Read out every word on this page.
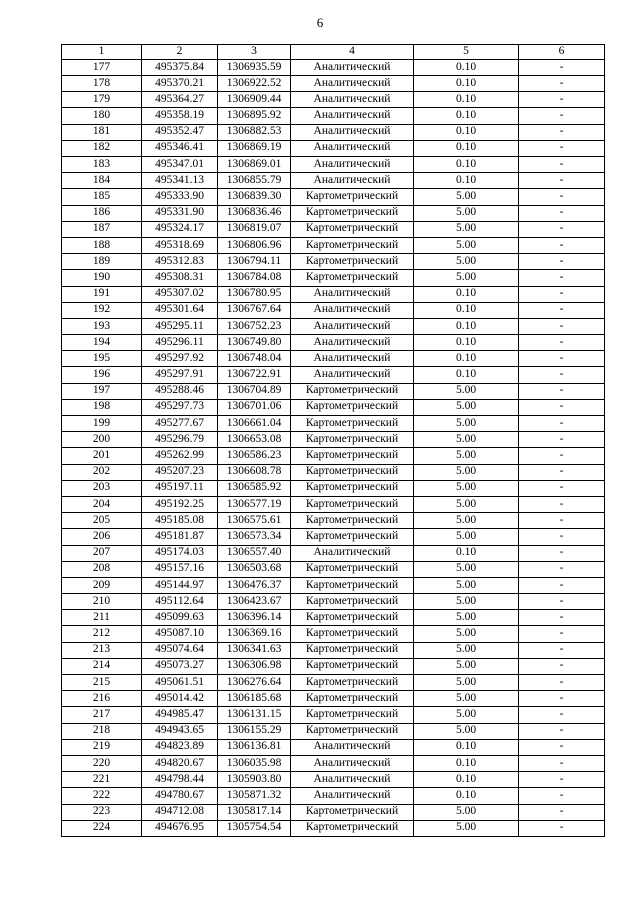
6
1	2	3	4	5	6
177	495375.84	1306935.59	Аналитический	0.10	-
178	495370.21	1306922.52	Аналитический	0.10	-
179	495364.27	1306909.44	Аналитический	0.10	-
180	495358.19	1306895.92	Аналитический	0.10	-
181	495352.47	1306882.53	Аналитический	0.10	-
182	495346.41	1306869.19	Аналитический	0.10	-
183	495347.01	1306869.01	Аналитический	0.10	-
184	495341.13	1306855.79	Аналитический	0.10	-
185	495333.90	1306839.30	Картометрический	5.00	-
186	495331.90	1306836.46	Картометрический	5.00	-
187	495324.17	1306819.07	Картометрический	5.00	-
188	495318.69	1306806.96	Картометрический	5.00	-
189	495312.83	1306794.11	Картометрический	5.00	-
190	495308.31	1306784.08	Картометрический	5.00	-
191	495307.02	1306780.95	Аналитический	0.10	-
192	495301.64	1306767.64	Аналитический	0.10	-
193	495295.11	1306752.23	Аналитический	0.10	-
194	495296.11	1306749.80	Аналитический	0.10	-
195	495297.92	1306748.04	Аналитический	0.10	-
196	495297.91	1306722.91	Аналитический	0.10	-
197	495288.46	1306704.89	Картометрический	5.00	-
198	495297.73	1306701.06	Картометрический	5.00	-
199	495277.67	1306661.04	Картометрический	5.00	-
200	495296.79	1306653.08	Картометрический	5.00	-
201	495262.99	1306586.23	Картометрический	5.00	-
202	495207.23	1306608.78	Картометрический	5.00	-
203	495197.11	1306585.92	Картометрический	5.00	-
204	495192.25	1306577.19	Картометрический	5.00	-
205	495185.08	1306575.61	Картометрический	5.00	-
206	495181.87	1306573.34	Картометрический	5.00	-
207	495174.03	1306557.40	Аналитический	0.10	-
208	495157.16	1306503.68	Картометрический	5.00	-
209	495144.97	1306476.37	Картометрический	5.00	-
210	495112.64	1306423.67	Картометрический	5.00	-
211	495099.63	1306396.14	Картометрический	5.00	-
212	495087.10	1306369.16	Картометрический	5.00	-
213	495074.64	1306341.63	Картометрический	5.00	-
214	495073.27	1306306.98	Картометрический	5.00	-
215	495061.51	1306276.64	Картометрический	5.00	-
216	495014.42	1306185.68	Картометрический	5.00	-
217	494985.47	1306131.15	Картометрический	5.00	-
218	494943.65	1306155.29	Картометрический	5.00	-
219	494823.89	1306136.81	Аналитический	0.10	-
220	494820.67	1306035.98	Аналитический	0.10	-
221	494798.44	1305903.80	Аналитический	0.10	-
222	494780.67	1305871.32	Аналитический	0.10	-
223	494712.08	1305817.14	Картометрический	5.00	-
224	494676.95	1305754.54	Картометрический	5.00	-
